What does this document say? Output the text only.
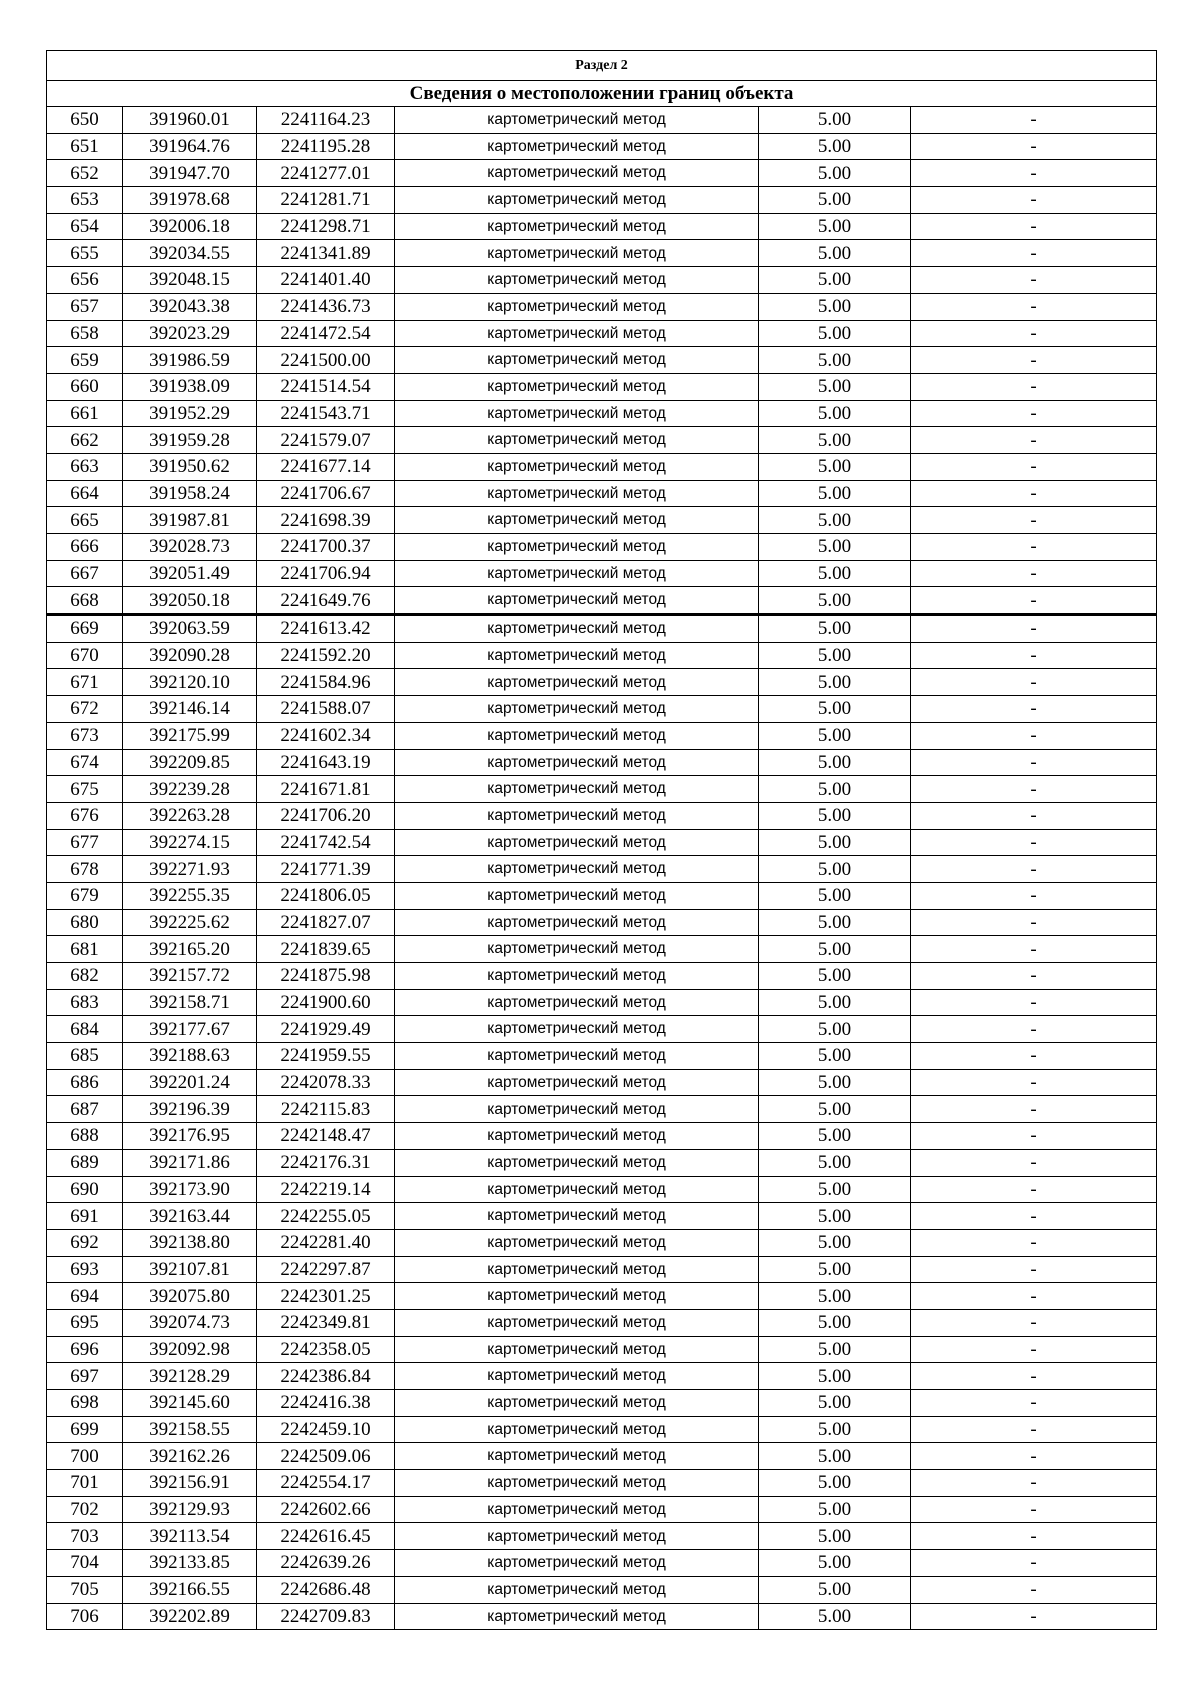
Раздел 2					
Сведения о местоположении границ объекта					
650	391960.01	2241164.23	картометрический метод	5.00	-
651	391964.76	2241195.28	картометрический метод	5.00	-
652	391947.70	2241277.01	картометрический метод	5.00	-
653	391978.68	2241281.71	картометрический метод	5.00	-
654	392006.18	2241298.71	картометрический метод	5.00	-
655	392034.55	2241341.89	картометрический метод	5.00	-
656	392048.15	2241401.40	картометрический метод	5.00	-
657	392043.38	2241436.73	картометрический метод	5.00	-
658	392023.29	2241472.54	картометрический метод	5.00	-
659	391986.59	2241500.00	картометрический метод	5.00	-
660	391938.09	2241514.54	картометрический метод	5.00	-
661	391952.29	2241543.71	картометрический метод	5.00	-
662	391959.28	2241579.07	картометрический метод	5.00	-
663	391950.62	2241677.14	картометрический метод	5.00	-
664	391958.24	2241706.67	картометрический метод	5.00	-
665	391987.81	2241698.39	картометрический метод	5.00	-
666	392028.73	2241700.37	картометрический метод	5.00	-
667	392051.49	2241706.94	картометрический метод	5.00	-
668	392050.18	2241649.76	картометрический метод	5.00	-
669	392063.59	2241613.42	картометрический метод	5.00	-
670	392090.28	2241592.20	картометрический метод	5.00	-
671	392120.10	2241584.96	картометрический метод	5.00	-
672	392146.14	2241588.07	картометрический метод	5.00	-
673	392175.99	2241602.34	картометрический метод	5.00	-
674	392209.85	2241643.19	картометрический метод	5.00	-
675	392239.28	2241671.81	картометрический метод	5.00	-
676	392263.28	2241706.20	картометрический метод	5.00	-
677	392274.15	2241742.54	картометрический метод	5.00	-
678	392271.93	2241771.39	картометрический метод	5.00	-
679	392255.35	2241806.05	картометрический метод	5.00	-
680	392225.62	2241827.07	картометрический метод	5.00	-
681	392165.20	2241839.65	картометрический метод	5.00	-
682	392157.72	2241875.98	картометрический метод	5.00	-
683	392158.71	2241900.60	картометрический метод	5.00	-
684	392177.67	2241929.49	картометрический метод	5.00	-
685	392188.63	2241959.55	картометрический метод	5.00	-
686	392201.24	2242078.33	картометрический метод	5.00	-
687	392196.39	2242115.83	картометрический метод	5.00	-
688	392176.95	2242148.47	картометрический метод	5.00	-
689	392171.86	2242176.31	картометрический метод	5.00	-
690	392173.90	2242219.14	картометрический метод	5.00	-
691	392163.44	2242255.05	картометрический метод	5.00	-
692	392138.80	2242281.40	картометрический метод	5.00	-
693	392107.81	2242297.87	картометрический метод	5.00	-
694	392075.80	2242301.25	картометрический метод	5.00	-
695	392074.73	2242349.81	картометрический метод	5.00	-
696	392092.98	2242358.05	картометрический метод	5.00	-
697	392128.29	2242386.84	картометрический метод	5.00	-
698	392145.60	2242416.38	картометрический метод	5.00	-
699	392158.55	2242459.10	картометрический метод	5.00	-
700	392162.26	2242509.06	картометрический метод	5.00	-
701	392156.91	2242554.17	картометрический метод	5.00	-
702	392129.93	2242602.66	картометрический метод	5.00	-
703	392113.54	2242616.45	картометрический метод	5.00	-
704	392133.85	2242639.26	картометрический метод	5.00	-
705	392166.55	2242686.48	картометрический метод	5.00	-
706	392202.89	2242709.83	картометрический метод	5.00	-
